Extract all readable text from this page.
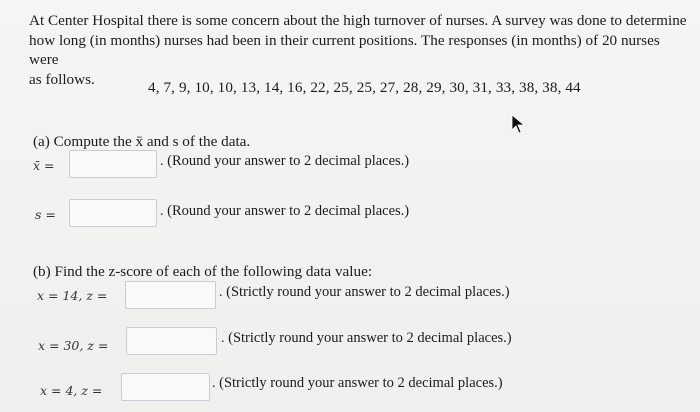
At Center Hospital there is some concern about the high turnover of nurses. A survey was done to determine
how long (in months) nurses had been in their current positions. The responses (in months) of 20 nurses were
as follows.	4, 7, 9, 10, 10, 13, 14, 16, 22, 25, 25, 27, 28, 29, 30, 31, 33, 38, 38, 44
(a) Compute the x̄ and s of the data.
x̄ =	. (Round your answer to 2 decimal places.)
s =	. (Round your answer to 2 decimal places.)
(b) Find the z-score of each of the following data value:
x = 14, z =	. (Strictly round your answer to 2 decimal places.)
x = 30, z =	. (Strictly round your answer to 2 decimal places.)
x = 4, z =	. (Strictly round your answer to 2 decimal places.)
